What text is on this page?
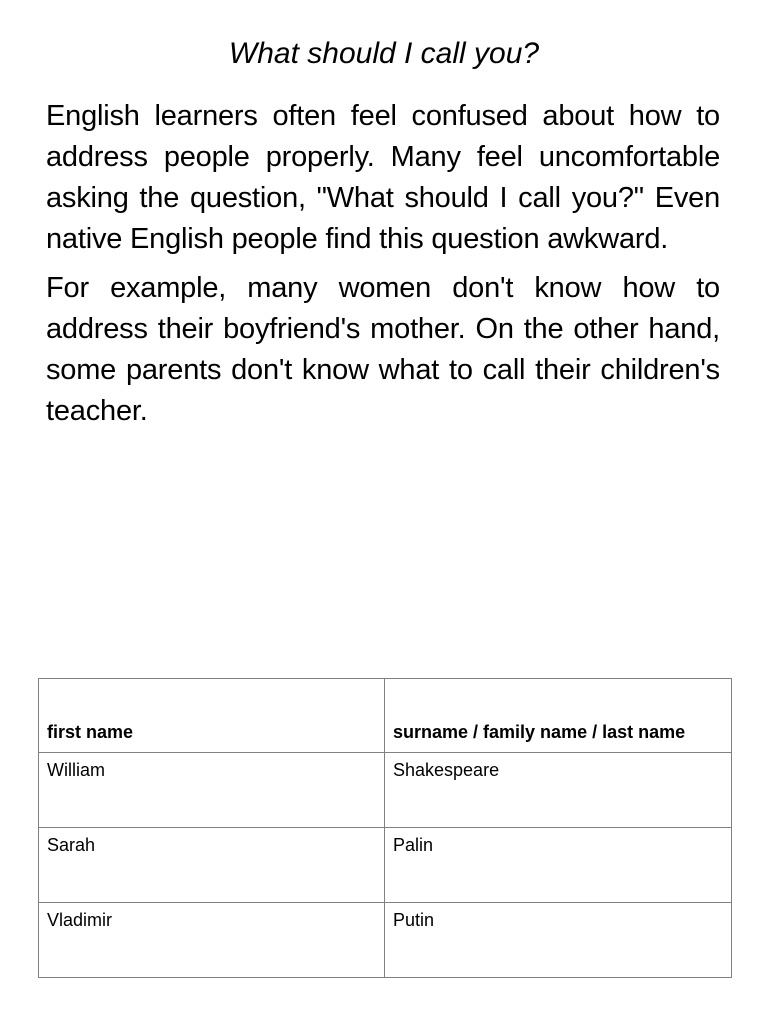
What should I call you?

English learners often feel confused about how to address people properly. Many feel uncomfortable asking the question, "What should I call you?" Even native English people find this question awkward.

For example, many women don't know how to address their boyfriend's mother. On the other hand, some parents don't know what to call their children's teacher.

first name	surname / family name / last name
William	Shakespeare
Sarah	Palin
Vladimir	Putin
